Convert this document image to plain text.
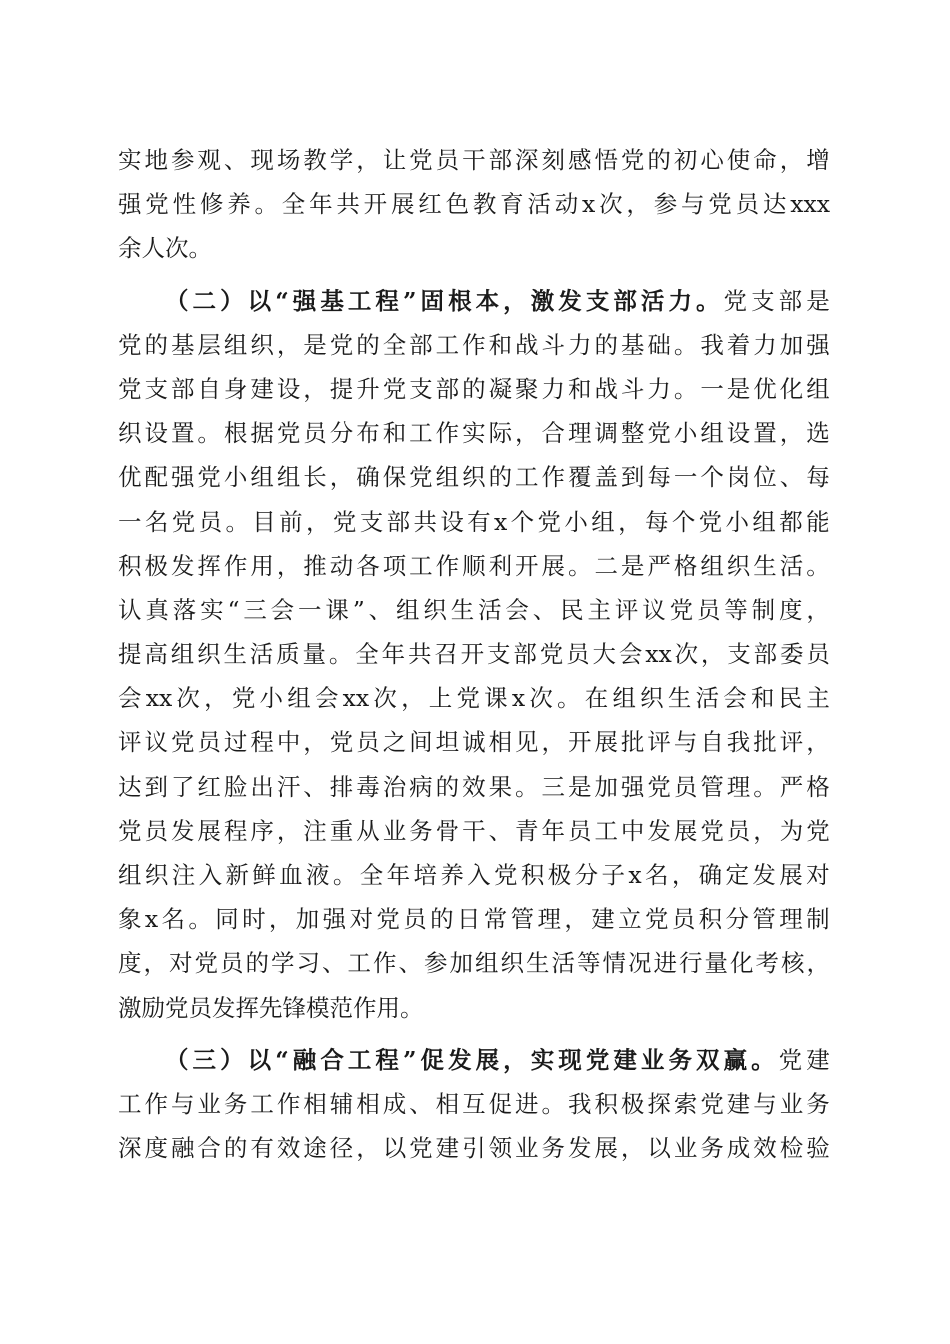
实 地 参 观 、 现 场 教 学 ， 让 党 员 干 部 深 刻 感 悟 党 的 初 心 使 命 ， 增
强 党 性 修 养 。 全 年 共 开 展 红 色 教 育 活 动 x 次 ， 参 与 党 员 达 xxx
余人次。
（ 二 ） 以 “ 强 基 工 程 ” 固 根 本 ， 激 发 支 部 活 力 。 党 支 部 是
党 的 基 层 组 织 ， 是 党 的 全 部 工 作 和 战 斗 力 的 基 础 。 我 着 力 加 强
党 支 部 自 身 建 设 ， 提 升 党 支 部 的 凝 聚 力 和 战 斗 力 。 一 是 优 化 组
织 设 置 。 根 据 党 员 分 布 和 工 作 实 际 ， 合 理 调 整 党 小 组 设 置 ， 选
优 配 强 党 小 组 组 长 ， 确 保 党 组 织 的 工 作 覆 盖 到 每 一 个 岗 位 、 每
一 名 党 员 。 目 前 ， 党 支 部 共 设 有 x 个 党 小 组 ， 每 个 党 小 组 都 能
积 极 发 挥 作 用 ， 推 动 各 项 工 作 顺 利 开 展 。 二 是 严 格 组 织 生 活 。
认 真 落 实 “ 三 会 一 课 ” 、 组 织 生 活 会 、 民 主 评 议 党 员 等 制 度 ，
提 高 组 织 生 活 质 量 。 全 年 共 召 开 支 部 党 员 大 会 xx 次 ， 支 部 委 员
会 xx 次 ， 党 小 组 会 xx 次 ， 上 党 课 x 次 。 在 组 织 生 活 会 和 民 主
评 议 党 员 过 程 中 ， 党 员 之 间 坦 诚 相 见 ， 开 展 批 评 与 自 我 批 评 ，
达 到 了 红 脸 出 汗 、 排 毒 治 病 的 效 果 。 三 是 加 强 党 员 管 理 。 严 格
党 员 发 展 程 序 ， 注 重 从 业 务 骨 干 、 青 年 员 工 中 发 展 党 员 ， 为 党
组 织 注 入 新 鲜 血 液 。 全 年 培 养 入 党 积 极 分 子 x 名 ， 确 定 发 展 对
象 x 名 。 同 时 ， 加 强 对 党 员 的 日 常 管 理 ， 建 立 党 员 积 分 管 理 制
度 ， 对 党 员 的 学 习 、 工 作 、 参 加 组 织 生 活 等 情 况 进 行 量 化 考 核 ，
激励党员发挥先锋模范作用。
（ 三 ） 以 “ 融 合 工 程 ” 促 发 展 ， 实 现 党 建 业 务 双 赢 。 党 建
工 作 与 业 务 工 作 相 辅 相 成 、 相 互 促 进 。 我 积 极 探 索 党 建 与 业 务
深 度 融 合 的 有 效 途 径 ， 以 党 建 引 领 业 务 发 展 ， 以 业 务 成 效 检 验
